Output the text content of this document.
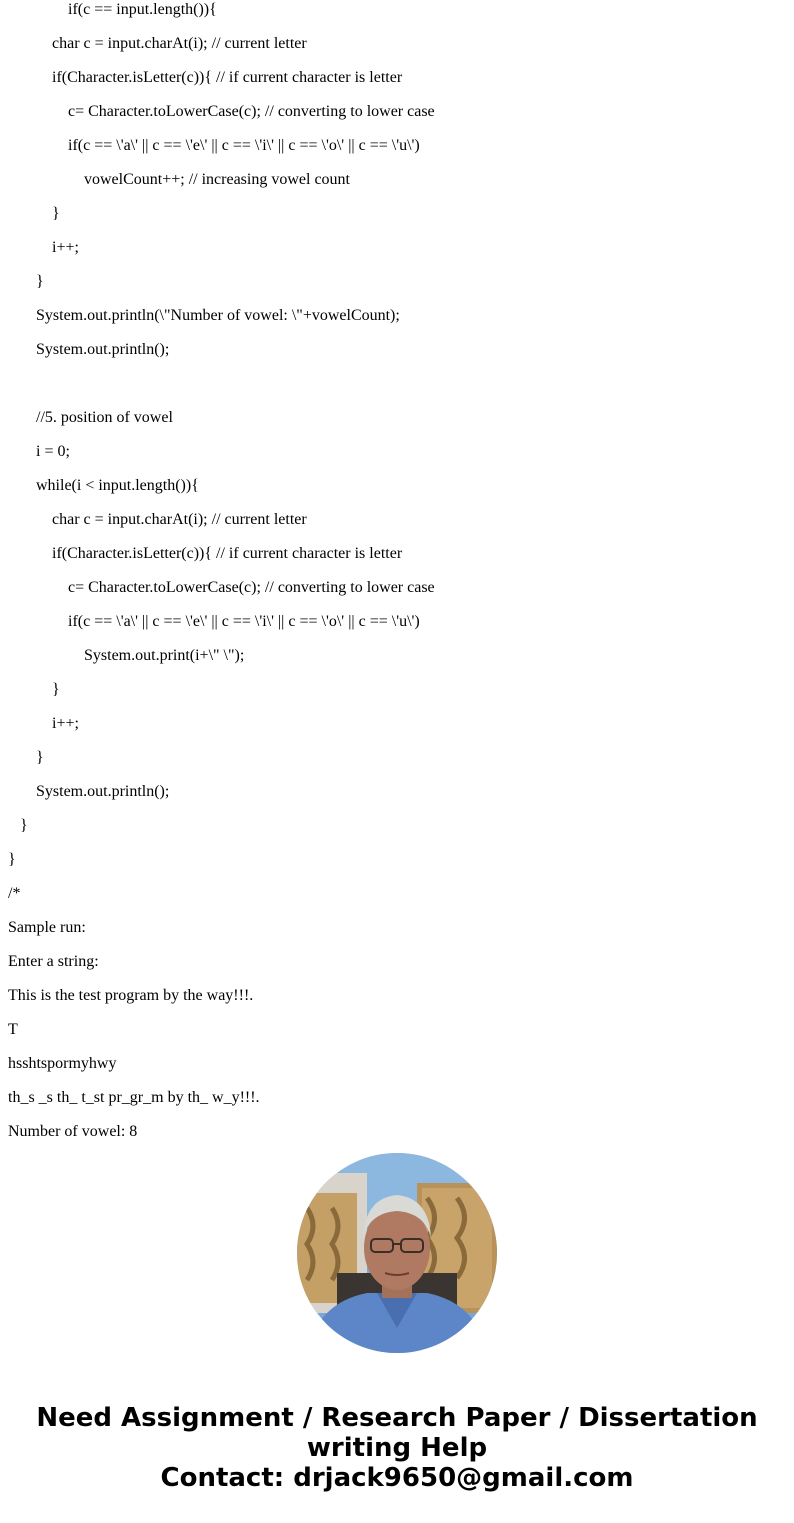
if(c == input.length()){
char c = input.charAt(i); // current letter
if(Character.isLetter(c)){ // if current character is letter
c= Character.toLowerCase(c); // converting to lower case
if(c == \'a\' || c == \'e\' || c == \'i\' || c == \'o\' || c == \'u\')
vowelCount++; // increasing vowel count
}
i++;
}
System.out.println(\"Number of vowel: \"+vowelCount);
System.out.println();
//5. position of vowel
i = 0;
while(i < input.length()){
char c = input.charAt(i); // current letter
if(Character.isLetter(c)){ // if current character is letter
c= Character.toLowerCase(c); // converting to lower case
if(c == \'a\' || c == \'e\' || c == \'i\' || c == \'o\' || c == \'u\')
System.out.print(i+\" \");
}
i++;
}
System.out.println();
}
}
/*
Sample run:
Enter a string:
This is the test program by the way!!!.
T
hsshtspormyhwy
th_s _s th_ t_st pr_gr_m by th_ w_y!!!.
Number of vowel: 8
Need Assignment / Research Paper / Dissertation writing Help
Contact: drjack9650@gmail.com
